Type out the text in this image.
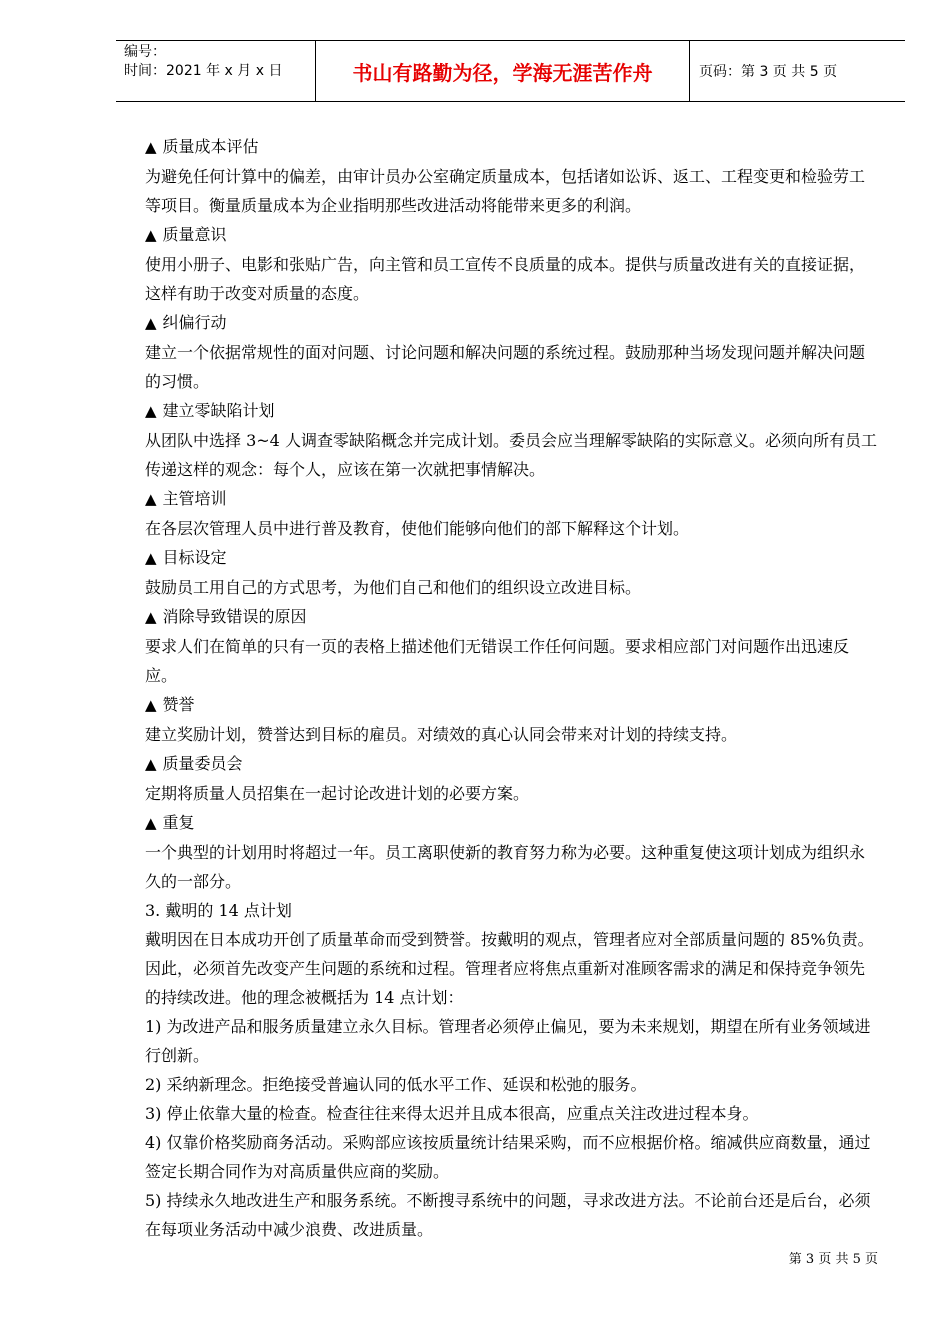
编号：
时间：2021 年 x 月 x 日	书山有路勤为径，学海无涯苦作舟	页码：第 3 页 共 5 页

▲ 质量成本评估

为避免任何计算中的偏差，由审计员办公室确定质量成本，包括诸如讼诉、返工、工程变更和检验劳工等项目。衡量质量成本为企业指明那些改进活动将能带来更多的利润。

▲ 质量意识

使用小册子、电影和张贴广告，向主管和员工宣传不良质量的成本。提供与质量改进有关的直接证据，这样有助于改变对质量的态度。

▲ 纠偏行动

建立一个依据常规性的面对问题、讨论问题和解决问题的系统过程。鼓励那种当场发现问题并解决问题的习惯。

▲ 建立零缺陷计划

从团队中选择 3~4 人调查零缺陷概念并完成计划。委员会应当理解零缺陷的实际意义。必须向所有员工传递这样的观念：每个人，应该在第一次就把事情解决。

▲ 主管培训

在各层次管理人员中进行普及教育，使他们能够向他们的部下解释这个计划。

▲ 目标设定

鼓励员工用自己的方式思考，为他们自己和他们的组织设立改进目标。

▲ 消除导致错误的原因

要求人们在简单的只有一页的表格上描述他们无错误工作任何问题。要求相应部门对问题作出迅速反应。

▲ 赞誉

建立奖励计划，赞誉达到目标的雇员。对绩效的真心认同会带来对计划的持续支持。

▲ 质量委员会

定期将质量人员招集在一起讨论改进计划的必要方案。

▲ 重复

一个典型的计划用时将超过一年。员工离职使新的教育努力称为必要。这种重复使这项计划成为组织永久的一部分。

3. 戴明的 14 点计划

戴明因在日本成功开创了质量革命而受到赞誉。按戴明的观点，管理者应对全部质量问题的 85%负责。因此，必须首先改变产生问题的系统和过程。管理者应将焦点重新对准顾客需求的满足和保持竞争领先的持续改进。他的理念被概括为 14 点计划：

1) 为改进产品和服务质量建立永久目标。管理者必须停止偏见，要为未来规划，期望在所有业务领域进行创新。

2) 采纳新理念。拒绝接受普遍认同的低水平工作、延误和松弛的服务。

3) 停止依靠大量的检查。检查往往来得太迟并且成本很高，应重点关注改进过程本身。

4) 仅靠价格奖励商务活动。采购部应该按质量统计结果采购，而不应根据价格。缩减供应商数量，通过签定长期合同作为对高质量供应商的奖励。

5) 持续永久地改进生产和服务系统。不断搜寻系统中的问题，寻求改进方法。不论前台还是后台，必须在每项业务活动中减少浪费、改进质量。

第 3 页 共 5 页
